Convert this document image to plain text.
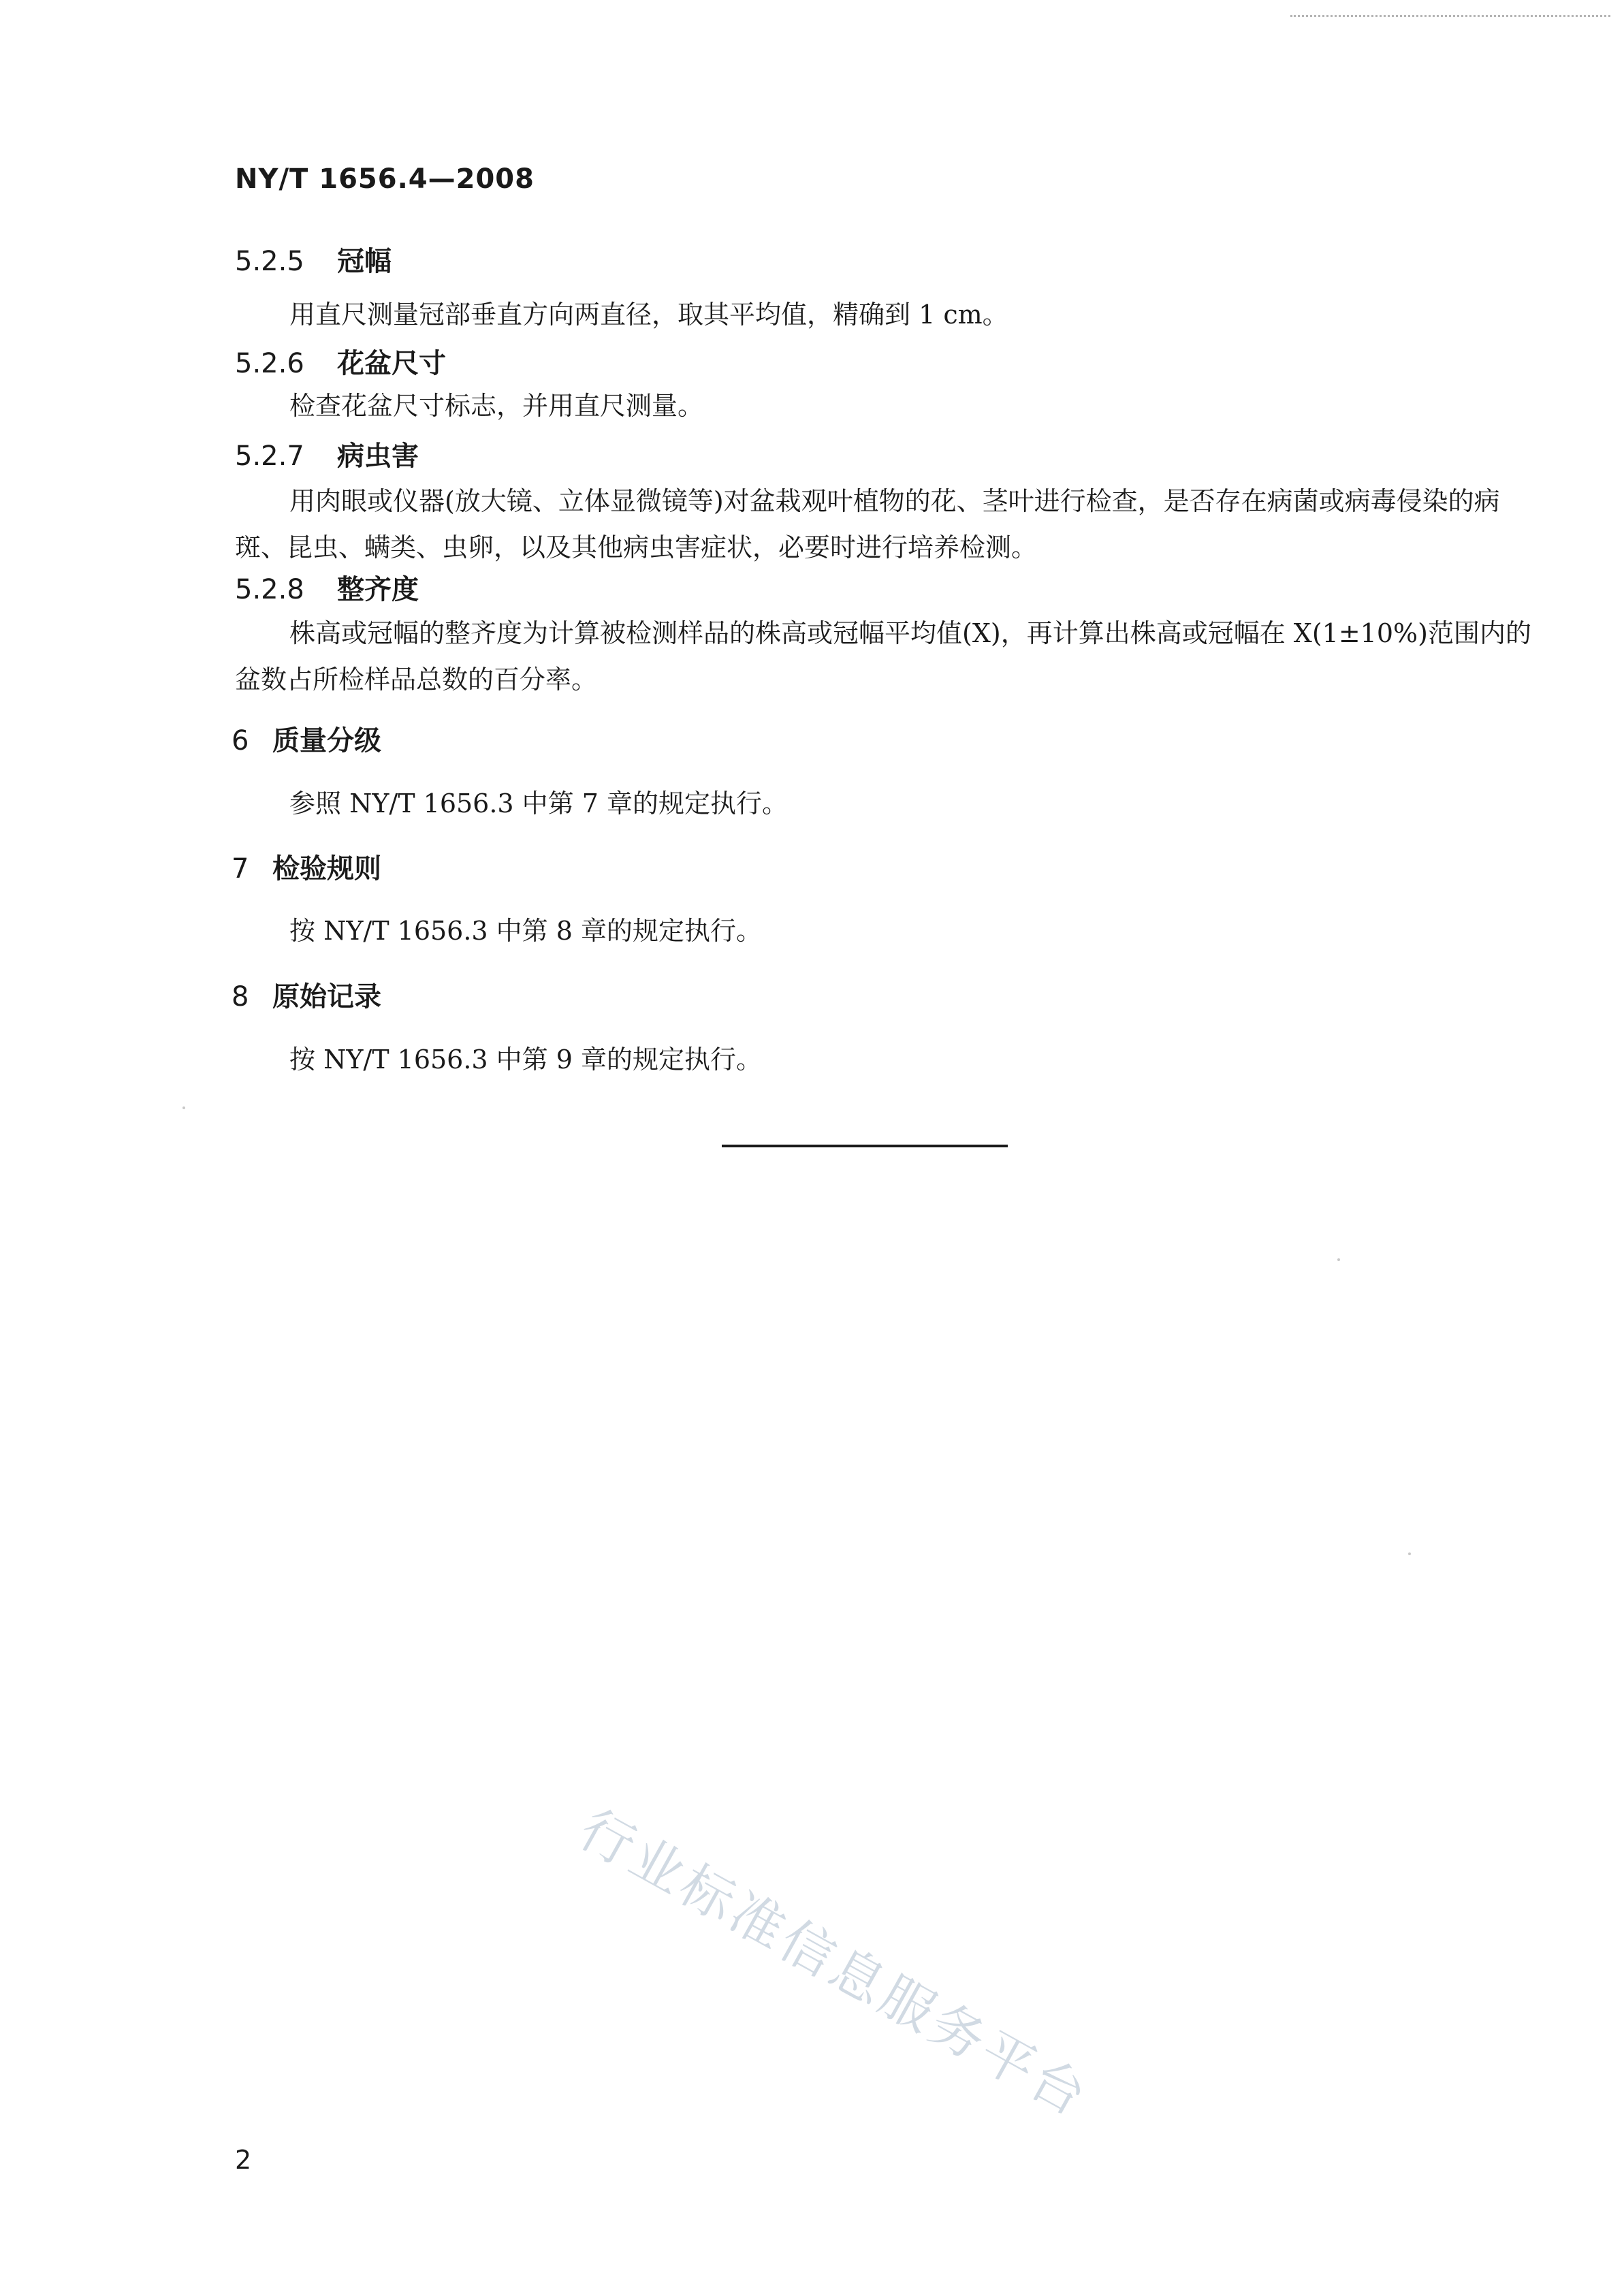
NY/T 1656.4—2008
5.2.5	冠幅
用直尺测量冠部垂直方向两直径，取其平均值，精确到 1 cm。
5.2.6	花盆尺寸
检查花盆尺寸标志，并用直尺测量。
5.2.7	病虫害
用肉眼或仪器(放大镜、立体显微镜等)对盆栽观叶植物的花、茎叶进行检查，是否存在病菌或病毒侵染的病斑、昆虫、螨类、虫卵，以及其他病虫害症状，必要时进行培养检测。
5.2.8	整齐度
株高或冠幅的整齐度为计算被检测样品的株高或冠幅平均值(X)，再计算出株高或冠幅在 X(1±10%)范围内的盆数占所检样品总数的百分率。
6 质量分级
参照 NY/T 1656.3 中第 7 章的规定执行。
7 检验规则
按 NY/T 1656.3 中第 8 章的规定执行。
8 原始记录
按 NY/T 1656.3 中第 9 章的规定执行。
行业标准信息服务平台
2
